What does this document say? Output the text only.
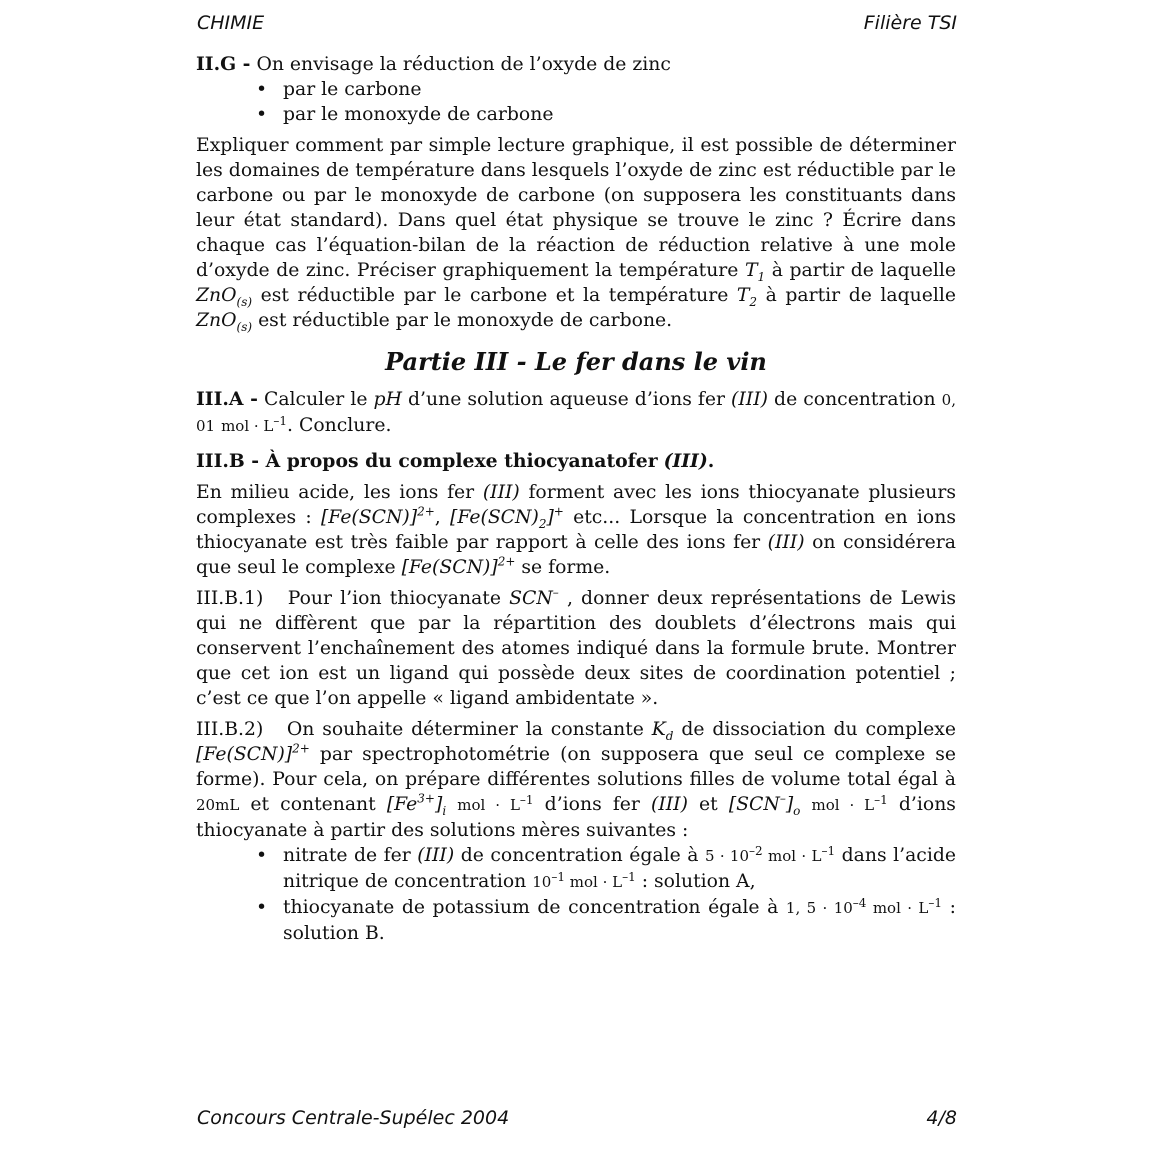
CHIMIE	Filière TSI

II.G - On envisage la réduction de l’oxyde de zinc

• par le carbone
• par le monoxyde de carbone

Expliquer comment par simple lecture graphique, il est possible de déterminer les domaines de température dans lesquels l’oxyde de zinc est réductible par le carbone ou par le monoxyde de carbone (on supposera les constituants dans leur état standard). Dans quel état physique se trouve le zinc ? Écrire dans chaque cas l’équation-bilan de la réaction de réduction relative à une mole d’oxyde de zinc. Préciser graphiquement la température $T_1$ à partir de laquelle ZnO$_{(s)}$ est réductible par le carbone et la température $T_2$ à partir de laquelle ZnO$_{(s)}$ est réductible par le monoxyde de carbone.

Partie III - Le fer dans le vin

III.A - Calculer le pH d’une solution aqueuse d’ions fer (III) de concentration 0, 01 mol · $L^{-1}$. Conclure.

III.B - À propos du complexe thiocyanatofer (III).

En milieu acide, les ions fer (III) forment avec les ions thiocyanate plusieurs complexes : $[Fe(SCN)]^{2+}$, $[Fe(SCN)_2]^+$ etc... Lorsque la concentration en ions thiocyanate est très faible par rapport à celle des ions fer (III) on considérera que seul le complexe $[Fe(SCN)]^{2+}$ se forme.

III.B.1) Pour l’ion thiocyanate SCN– , donner deux représentations de Lewis qui ne diffèrent que par la répartition des doublets d’électrons mais qui conservent l’enchaînement des atomes indiqué dans la formule brute. Montrer que cet ion est un ligand qui possède deux sites de coordination potentiel ; c’est ce que l’on appelle « ligand ambidentate ».

III.B.2) On souhaite déterminer la constante $K_d$ de dissociation du complexe $[Fe(SCN)]^{2+}$ par spectrophotométrie (on supposera que seul ce complexe se forme). Pour cela, on prépare différentes solutions filles de volume total égal à 20mL et contenant $[Fe^{3+}]_i$ mol · $L^{-1}$ d’ions fer (III) et $[SCN^-]_o$ mol · $L^{-1}$ d’ions thiocyanate à partir des solutions mères suivantes :

• nitrate de fer (III) de concentration égale à $5 \cdot 10^{-2}$ mol · $L^{-1}$ dans l’acide nitrique de concentration $10^{-1}$ mol · $L^{-1}$ : solution A,
• thiocyanate de potassium de concentration égale à 1, $5 \cdot 10^{-4}$ mol · $L^{-1}$ : solution B.
Concours Centrale-Supélec 2004	4/8
